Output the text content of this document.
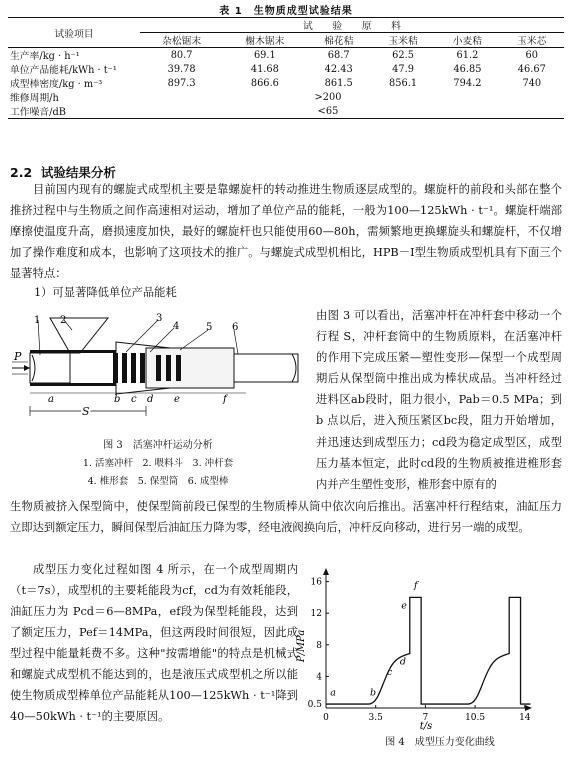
表 1　生物质成型试验结果
试验项目	试　　验　　原　　料					
	杂松锯末	榭木锯末	棉花秸	玉米秸	小麦秸	玉米芯
生产率/kg · h⁻¹	80.7	69.1	68.7	62.5	61.2	60
单位产品能耗/kWh · t⁻¹	39.78	41.68	42.43	47.9	46.85	46.67
成型棒密度/kg · m⁻³	897.3	866.6	861.5	856.1	794.2	740
维修周期/h	>200					
工作噪音/dB	<65					
2.2 试验结果分析
目前国内现有的螺旋式成型机主要是靠螺旋杆的转动推进生物质逐层成型的。螺旋杆的前段和头部在整个推挤过程中与生物质之间作高速相对运动，增加了单位产品的能耗，一般为100—125kWh · t⁻¹。螺旋杆端部摩擦使温度升高，磨损速度加快，最好的螺旋杆也只能使用60—80h，需频繁地更换螺旋头和螺旋杆，不仅增加了操作难度和成本，也影响了这项技术的推广。与螺旋式成型机相比，HPB－Ⅰ型生物质成型机具有下面三个显著特点：
1）可显著降低单位产品能耗
1 2	3
4	5 6
P
a	b c d e	f
S
图 3　活塞冲杆运动分析
1. 活塞冲杆　2. 喂料斗　3. 冲杆套
4. 椎形套　5. 保型筒　6. 成型棒
由图 3 可以看出，活塞冲杆在冲杆套中移动一个行程 S，冲杆套筒中的生物质原料，在活塞冲杆的作用下完成压紧—塑性变形—保型一个成型周期后从保型筒中推出成为棒状成品。当冲杆经过进料区ab段时，阻力很小，Pab＝0.5 MPa；到 b 点以后，进入预压紧区bc段，阻力开始增加，并迅速达到成型压力；cd段为稳定成型区，成型压力基本恒定，此时cd段的生物质被推进椎形套内并产生塑性变形，椎形套中原有的
生物质被挤入保型筒中，使保型筒前段已保型的生物质棒从筒中依次向后推出。活塞冲杆行程结束，油缸压力立即达到额定压力，瞬间保型后油缸压力降为零，经电液阀换向后，冲杆反向移动，进行另一端的成型。
成型压力变化过程如图 4 所示，在一个成型周期内（t＝7s），成型机的主要耗能段为cf，cd为有效耗能段，油缸压力为 Pcd＝6—8MPa，ef段为保型耗能段，达到了额定压力，Pef＝14MPa，但这两段时间很短，因此成型过程中能量耗费不多。这种"按需增能"的特点是机械式和螺旋式成型机不能达到的，也是液压式成型机之所以能使生物质成型棒单位产品能耗从100—125kWh · t⁻¹降到 40—50kWh · t⁻¹的主要原因。
0.5
4
8
12
16
0	3.5	7	10.5	14
P/MPa
t/s
a	b
c
d
e
f
图 4　成型压力变化曲线
